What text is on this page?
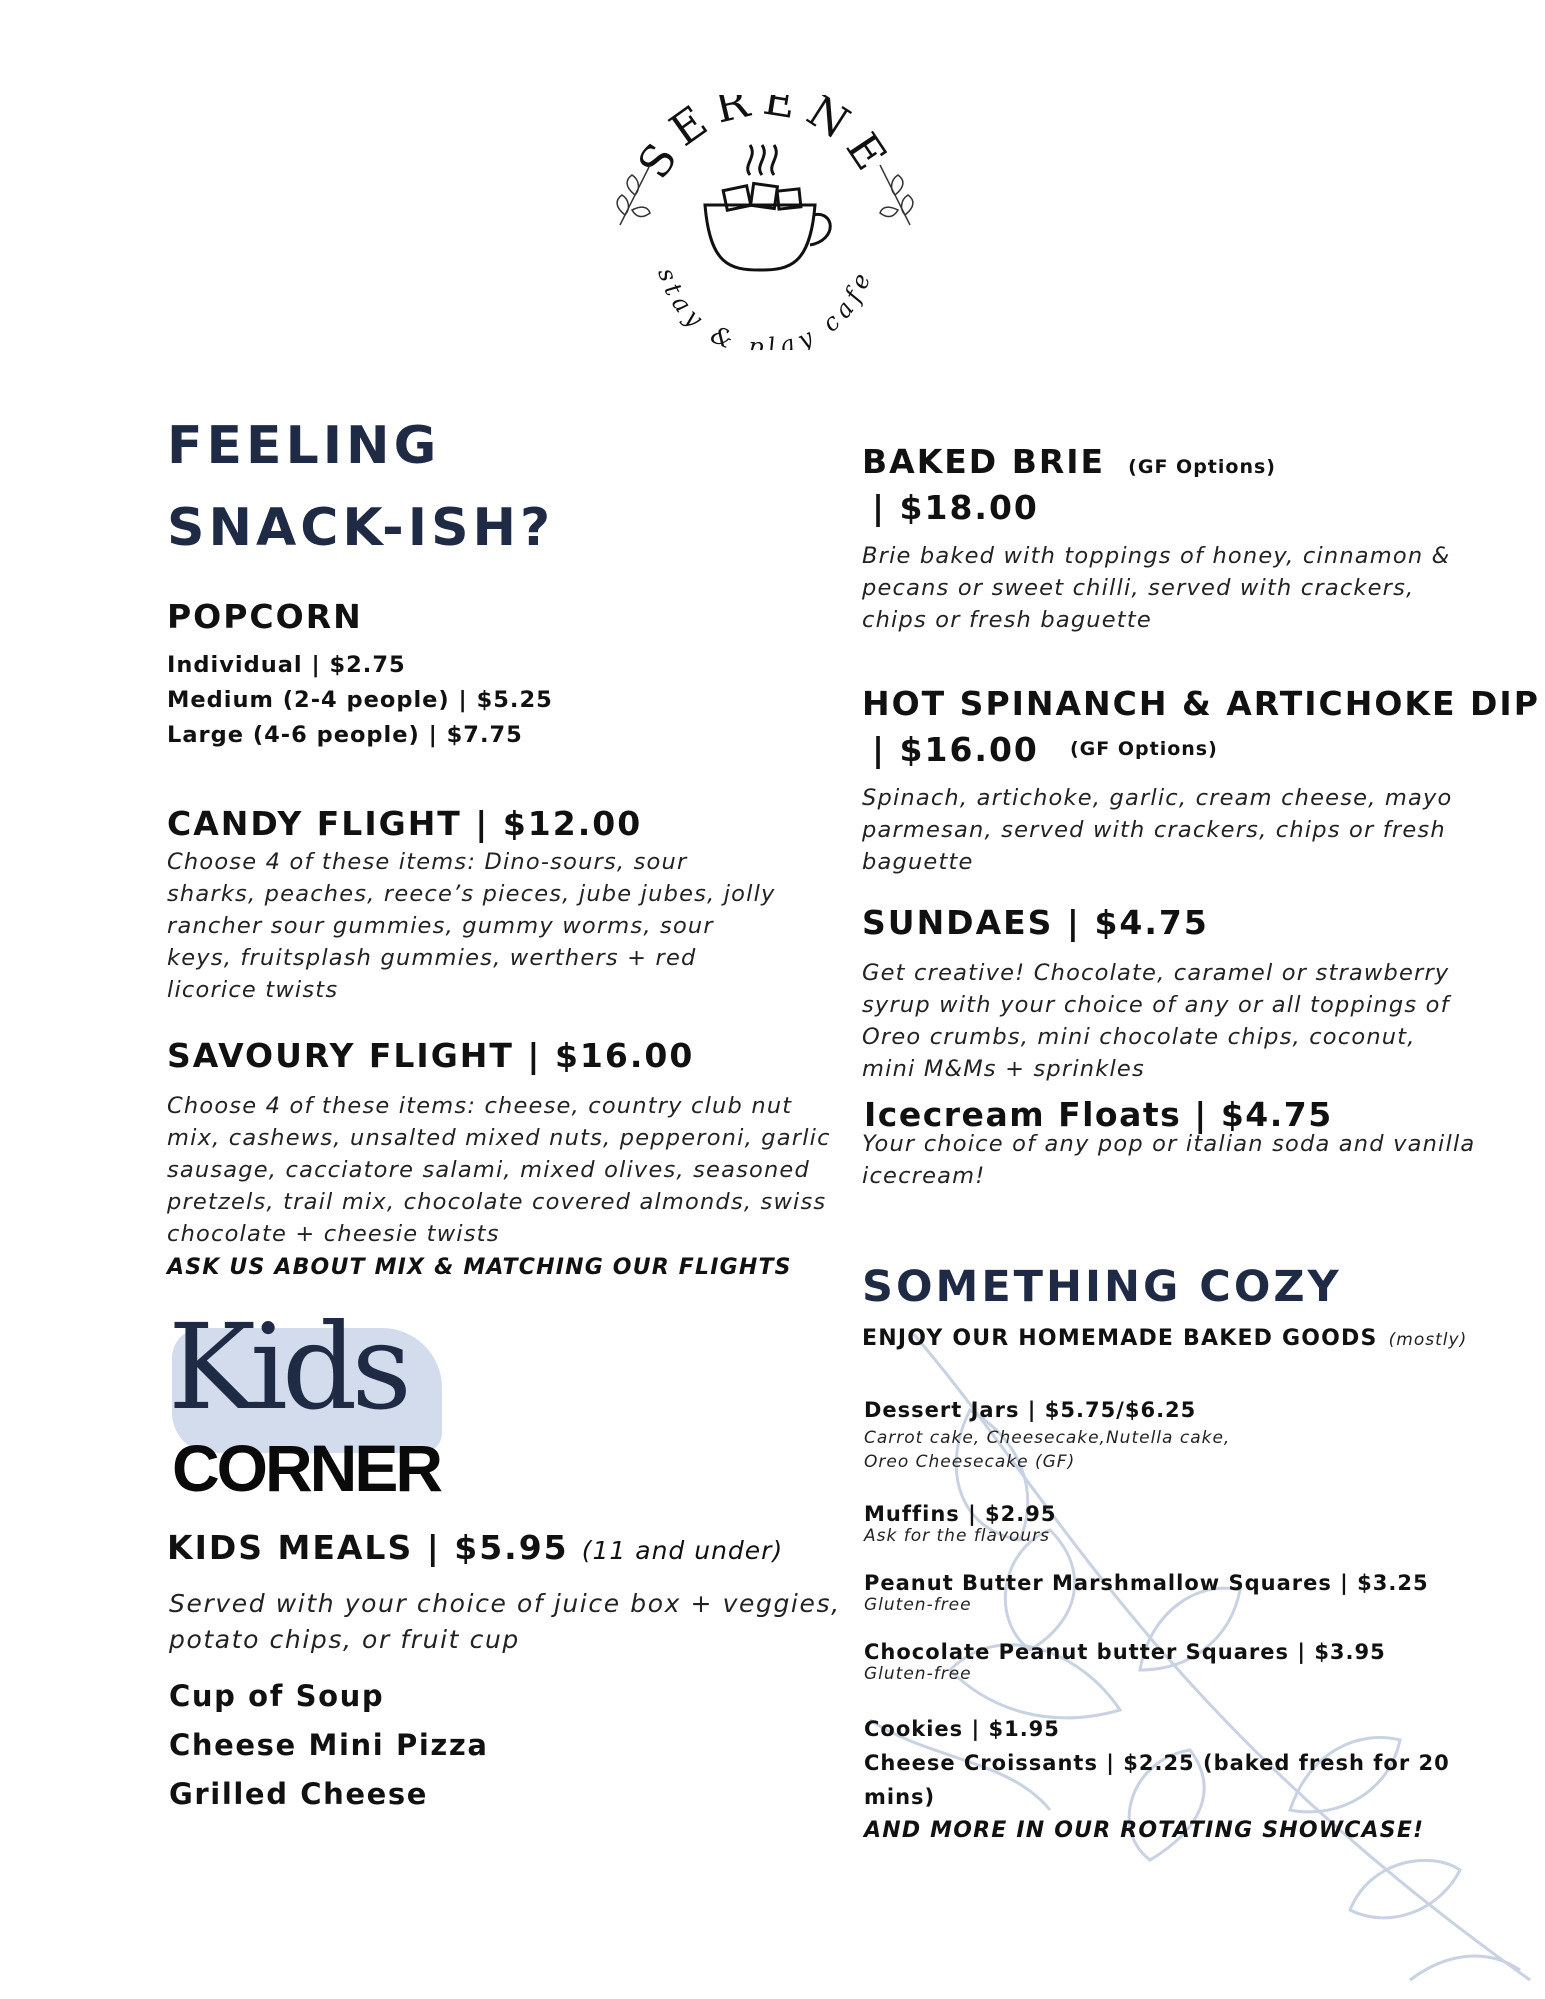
SERENE
stay & play cafe
FEELING
SNACK-ISH?
POPCORN
Individual | $2.75
Medium (2-4 people) | $5.25
Large (4-6 people) | $7.75
CANDY FLIGHT | $12.00
Choose 4 of these items: Dino-sours, sour
sharks, peaches, reece’s pieces, jube jubes, jolly
rancher sour gummies, gummy worms, sour
keys, fruitsplash gummies, werthers + red
licorice twists
SAVOURY FLIGHT | $16.00
Choose 4 of these items: cheese, country club nut
mix, cashews, unsalted mixed nuts, pepperoni, garlic
sausage, cacciatore salami, mixed olives, seasoned
pretzels, trail mix, chocolate covered almonds, swiss
chocolate + cheesie twists
ASK US ABOUT MIX & MATCHING OUR FLIGHTS
Kids
CORNER
KIDS MEALS | $5.95 (11 and under)
Served with your choice of juice box + veggies,
potato chips, or fruit cup
Cup of Soup
Cheese Mini Pizza
Grilled Cheese
BAKED BRIE (GF Options)
| $18.00
Brie baked with toppings of honey, cinnamon &
pecans or sweet chilli, served with crackers,
chips or fresh baguette
HOT SPINANCH & ARTICHOKE DIP
| $16.00 (GF Options)
Spinach, artichoke, garlic, cream cheese, mayo
parmesan, served with crackers, chips or fresh
baguette
SUNDAES | $4.75
Get creative! Chocolate, caramel or strawberry
syrup with your choice of any or all toppings of
Oreo crumbs, mini chocolate chips, coconut,
mini M&Ms + sprinkles
Icecream Floats | $4.75
Your choice of any pop or italian soda and vanilla
icecream!
SOMETHING COZY
ENJOY OUR HOMEMADE BAKED GOODS (mostly)
Dessert Jars | $5.75/$6.25
Carrot cake, Cheesecake,Nutella cake,
Oreo Cheesecake (GF)
Muffins | $2.95
Ask for the flavours
Peanut Butter Marshmallow Squares | $3.25
Gluten-free
Chocolate Peanut butter Squares | $3.95
Gluten-free
Cookies | $1.95
Cheese Croissants | $2.25 (baked fresh for 20
mins)
AND MORE IN OUR ROTATING SHOWCASE!
